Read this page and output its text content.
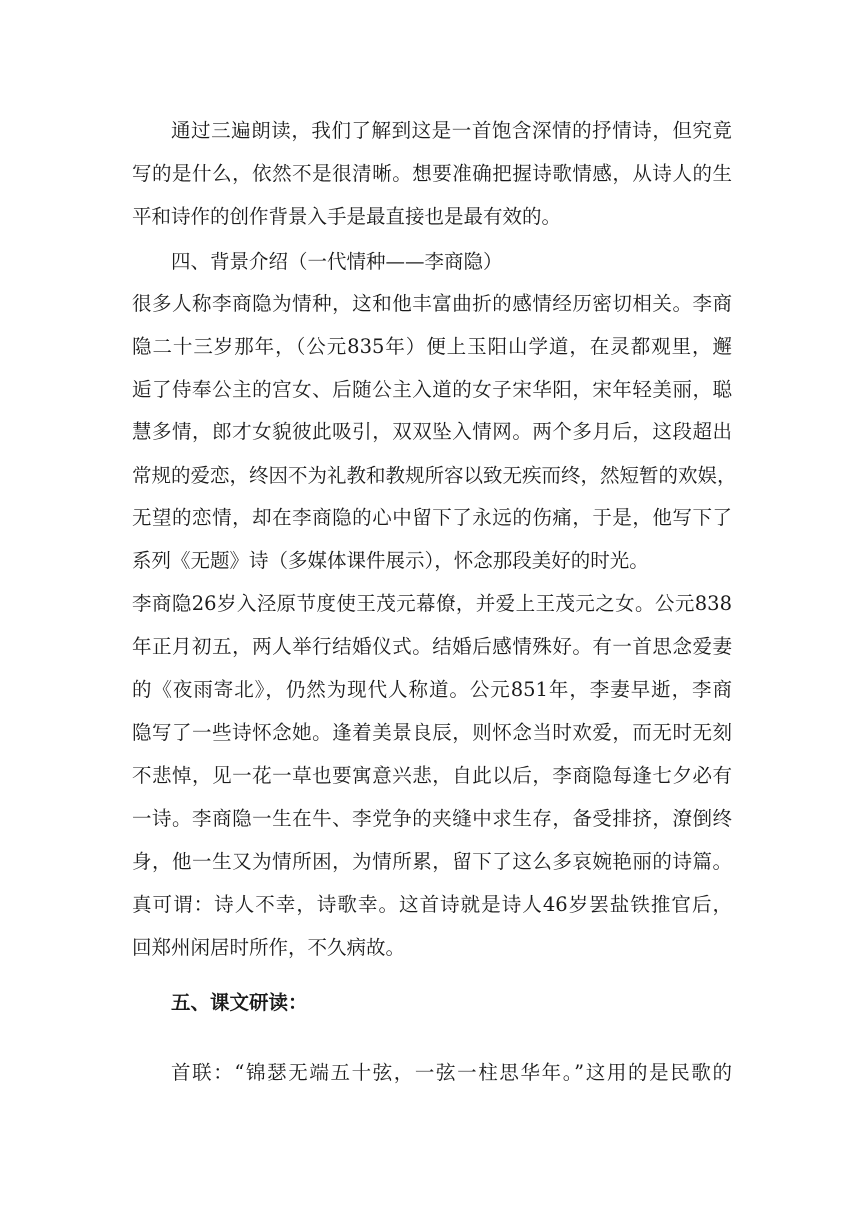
通过三遍朗读，我们了解到这是一首饱含深情的抒情诗，但究竟
写的是什么，依然不是很清晰。想要准确把握诗歌情感，从诗人的生
平和诗作的创作背景入手是最直接也是最有效的。
四、背景介绍（一代情种——李商隐）
很多人称李商隐为情种，这和他丰富曲折的感情经历密切相关。李商
隐二十三岁那年，（公元835年）便上玉阳山学道，在灵都观里，邂
逅了侍奉公主的宫女、后随公主入道的女子宋华阳，宋年轻美丽，聪
慧多情，郎才女貌彼此吸引，双双坠入情网。两个多月后，这段超出
常规的爱恋，终因不为礼教和教规所容以致无疾而终，然短暂的欢娱，
无望的恋情，却在李商隐的心中留下了永远的伤痛，于是，他写下了
系列《无题》诗（多媒体课件展示），怀念那段美好的时光。
李商隐26岁入泾原节度使王茂元幕僚，并爱上王茂元之女。公元838
年正月初五，两人举行结婚仪式。结婚后感情殊好。有一首思念爱妻
的《夜雨寄北》，仍然为现代人称道。公元851年，李妻早逝，李商
隐写了一些诗怀念她。逢着美景良辰，则怀念当时欢爱，而无时无刻
不悲悼，见一花一草也要寓意兴悲，自此以后，李商隐每逢七夕必有
一诗。李商隐一生在牛、李党争的夹缝中求生存，备受排挤，潦倒终
身，他一生又为情所困，为情所累，留下了这么多哀婉艳丽的诗篇。
真可谓：诗人不幸，诗歌幸。这首诗就是诗人46岁罢盐铁推官后，
回郑州闲居时所作，不久病故。
五、课文研读：
首联：“锦瑟无端五十弦，一弦一柱思华年。”这用的是民歌的
